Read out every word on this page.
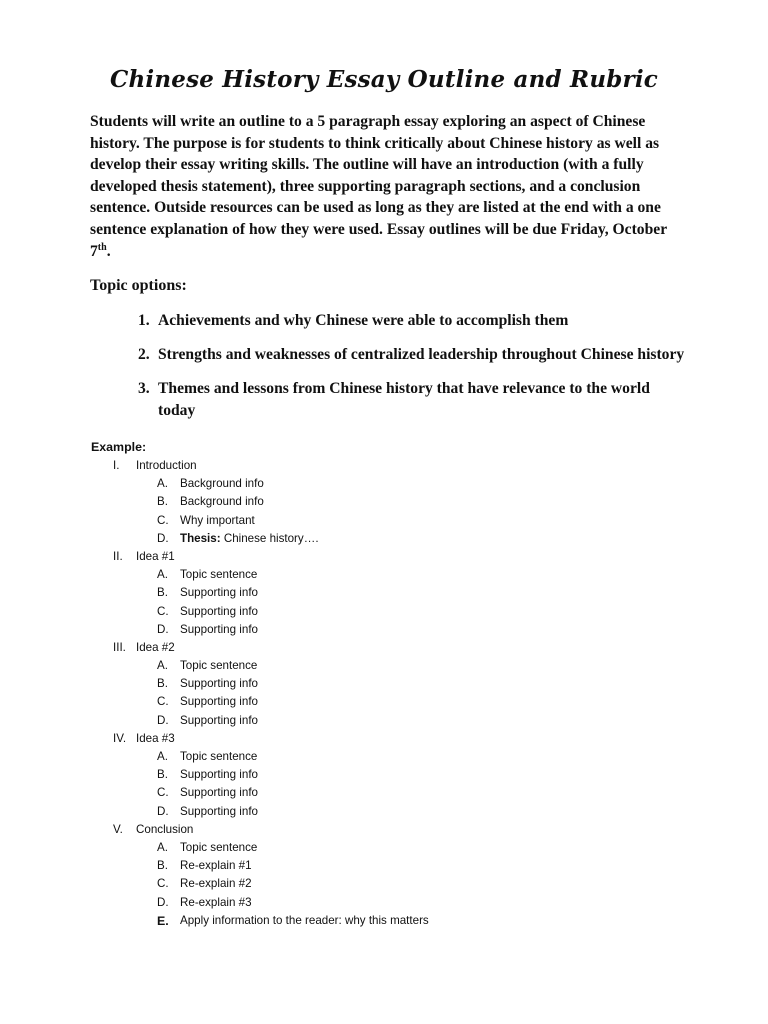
Chinese History Essay Outline and Rubric

Students will write an outline to a 5 paragraph essay exploring an aspect of Chinese history. The purpose is for students to think critically about Chinese history as well as develop their essay writing skills. The outline will have an introduction (with a fully developed thesis statement), three supporting paragraph sections, and a conclusion sentence. Outside resources can be used as long as they are listed at the end with a one sentence explanation of how they were used. Essay outlines will be due Friday, October 7th.

Topic options:

1. Achievements and why Chinese were able to accomplish them
2. Strengths and weaknesses of centralized leadership throughout Chinese history
3. Themes and lessons from Chinese history that have relevance to the world today
Example:
I.	Introduction
A.	Background info
B.	Background info
C. Why important
D. Thesis: Chinese history….
II.	Idea #1
A.	Topic sentence
B.	Supporting info
C. Supporting info
D. Supporting info
III. Idea #2
A.	Topic sentence
B.	Supporting info
C. Supporting info
D. Supporting info
IV. Idea #3
A.	Topic sentence
B.	Supporting info
C. Supporting info
D. Supporting info
V.	Conclusion
A.	Topic sentence
B.	Re-explain #1
C. Re-explain #2
D. Re-explain #3
E. Apply information to the reader: why this matters
